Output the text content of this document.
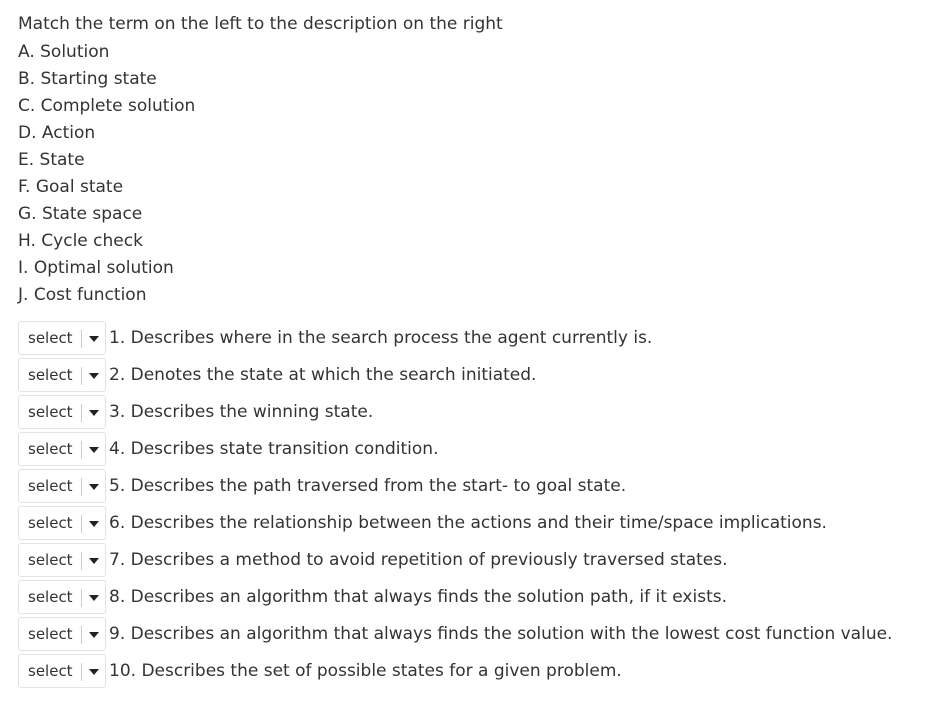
Match the term on the left to the description on the right
A. Solution
B. Starting state
C. Complete solution
D. Action
E. State
F. Goal state
G. State space
H. Cycle check
I. Optimal solution
J. Cost function
select 1. Describes where in the search process the agent currently is.
select 2. Denotes the state at which the search initiated.
select 3. Describes the winning state.
select 4. Describes state transition condition.
select 5. Describes the path traversed from the start- to goal state.
select 6. Describes the relationship between the actions and their time/space implications.
select 7. Describes a method to avoid repetition of previously traversed states.
select 8. Describes an algorithm that always finds the solution path, if it exists.
select 9. Describes an algorithm that always finds the solution with the lowest cost function value.
select 10. Describes the set of possible states for a given problem.
